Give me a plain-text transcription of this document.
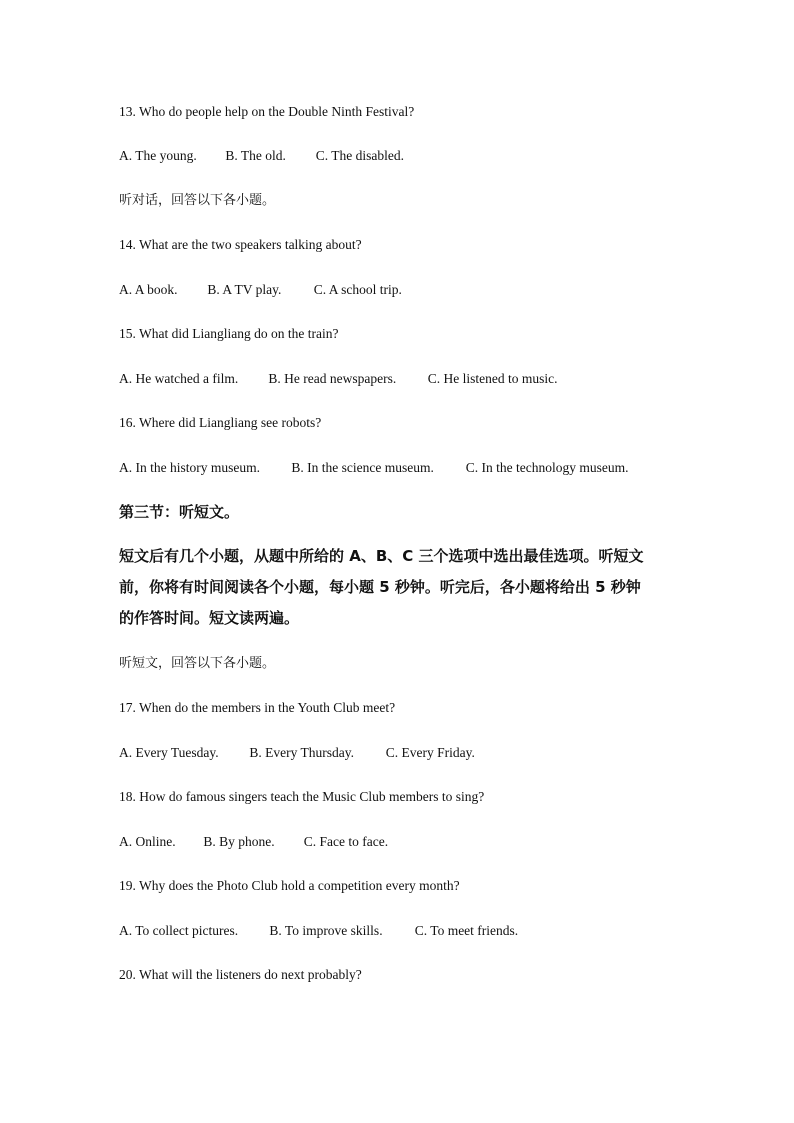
13. Who do people help on the Double Ninth Festival?
A. The young. B. The old. C. The disabled.
听对话，回答以下各小题。
14. What are the two speakers talking about?
A. A book. B. A TV play. C. A school trip.
15. What did Liangliang do on the train?
A. He watched a film. B. He read newspapers. C. He listened to music.
16. Where did Liangliang see robots?
A. In the history museum. B. In the science museum. C. In the technology museum.
第三节：听短文。
短文后有几个小题，从题中所给的 A、B、C 三个选项中选出最佳选项。听短文
前，你将有时间阅读各个小题，每小题 5 秒钟。听完后，各小题将给出 5 秒钟
的作答时间。短文读两遍。
听短文，回答以下各小题。
17. When do the members in the Youth Club meet?
A. Every Tuesday. B. Every Thursday. C. Every Friday.
18. How do famous singers teach the Music Club members to sing?
A. Online. B. By phone. C. Face to face.
19. Why does the Photo Club hold a competition every month?
A. To collect pictures. B. To improve skills. C. To meet friends.
20. What will the listeners do next probably?
